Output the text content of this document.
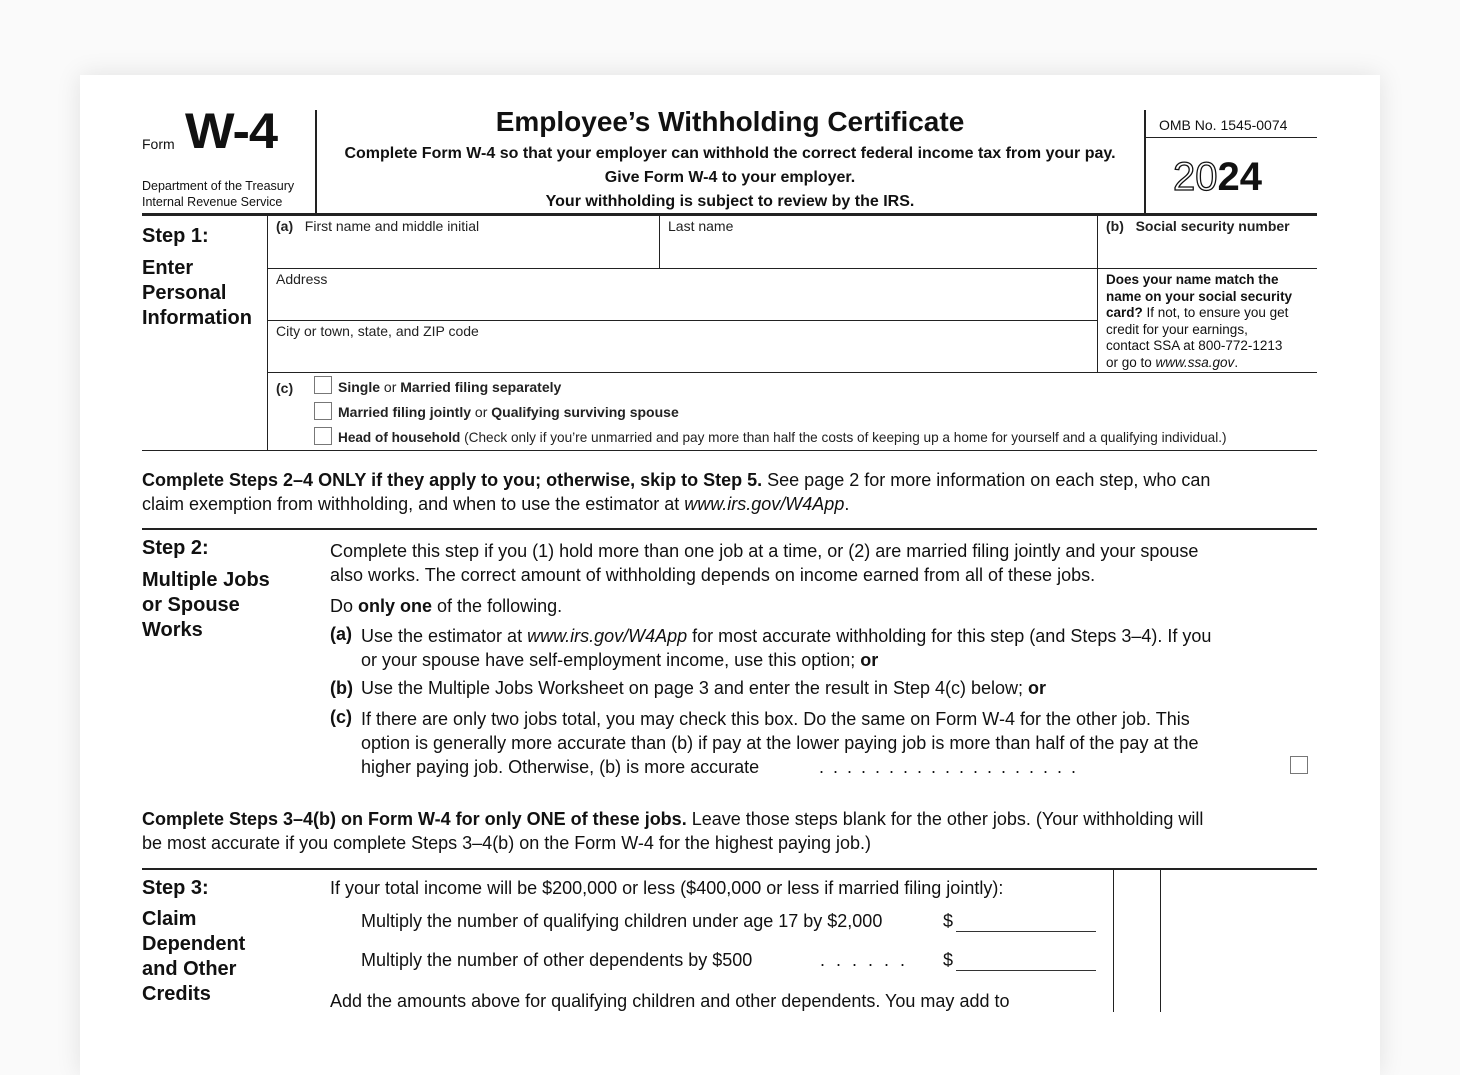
Form W-4
Department of the Treasury
Internal Revenue Service
Employee’s Withholding Certificate
Complete Form W-4 so that your employer can withhold the correct federal income tax from your pay.
Give Form W-4 to your employer.
Your withholding is subject to review by the IRS.
OMB No. 1545-0074
2024
Step 1:
Enter
Personal
Information
(a) First name and middle initial	Last name	(b) Social security number
Address
City or town, state, and ZIP code
Does your name match the
name on your social security
card? If not, to ensure you get
credit for your earnings,
contact SSA at 800-772-1213
or go to www.ssa.gov.
(c)	Single or Married filing separately
Married filing jointly or Qualifying surviving spouse
Head of household (Check only if you’re unmarried and pay more than half the costs of keeping up a home for yourself and a qualifying individual.)
Complete Steps 2–4 ONLY if they apply to you; otherwise, skip to Step 5. See page 2 for more information on each step, who can
claim exemption from withholding, and when to use the estimator at www.irs.gov/W4App.
Step 2:
Multiple Jobs
or Spouse
Works
Complete this step if you (1) hold more than one job at a time, or (2) are married filing jointly and your spouse
also works. The correct amount of withholding depends on income earned from all of these jobs.
Do only one of the following.
(a) Use the estimator at www.irs.gov/W4App for most accurate withholding for this step (and Steps 3–4). If you
or your spouse have self-employment income, use this option; or
(b) Use the Multiple Jobs Worksheet on page 3 and enter the result in Step 4(c) below; or
(c) If there are only two jobs total, you may check this box. Do the same on Form W-4 for the other job. This
option is generally more accurate than (b) if pay at the lower paying job is more than half of the pay at the
higher paying job. Otherwise, (b) is more accurate	. . . . . . . . . . . . . . . . . . .
Complete Steps 3–4(b) on Form W-4 for only ONE of these jobs. Leave those steps blank for the other jobs. (Your withholding will
be most accurate if you complete Steps 3–4(b) on the Form W-4 for the highest paying job.)
Step 3:
Claim
Dependent
and Other
Credits
If your total income will be $200,000 or less ($400,000 or less if married filing jointly):
Multiply the number of qualifying children under age 17 by $2,000	$
Multiply the number of other dependents by $500	. . . . . . $
Add the amounts above for qualifying children and other dependents. You may add to
